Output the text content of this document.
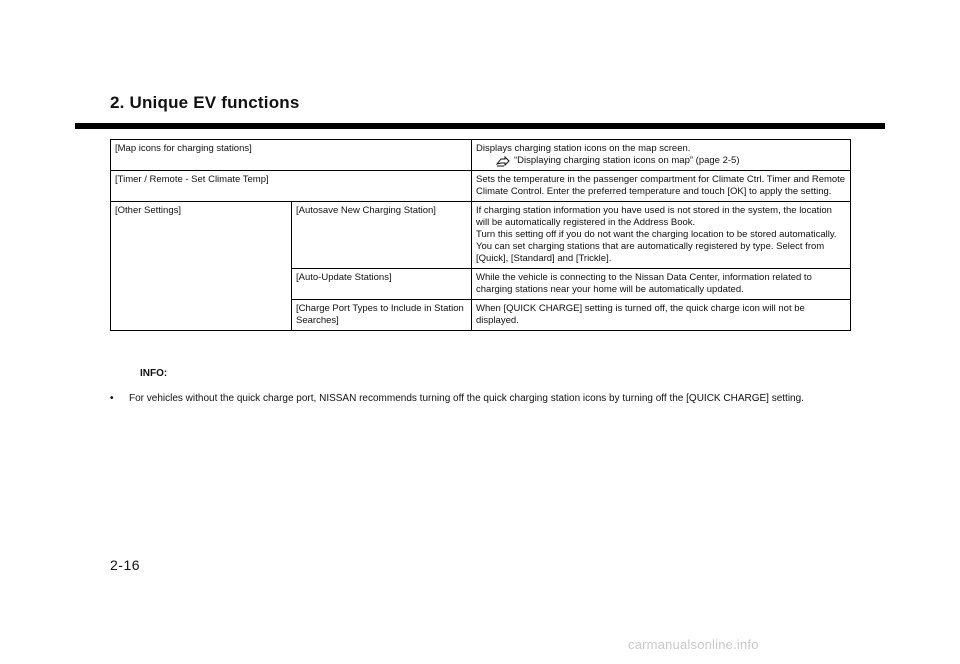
2. Unique EV functions
[Map icons for charging stations]		Displays charging station icons on the map screen.
“Displaying charging station icons on map” (page 2-5)

[Timer / Remote - Set Climate Temp]		Sets the temperature in the passenger compartment for Climate Ctrl. Timer and Remote Climate Control. Enter the preferred temperature and touch [OK] to apply the setting.
[Other Settings]	[Autosave New Charging Station]	If charging station information you have used is not stored in the system, the location will be automatically registered in the Address Book.
Turn this setting off if you do not want the charging location to be stored automatically.
You can set charging stations that are automatically registered by type. Select from [Quick], [Standard] and [Trickle].

	[Auto-Update Stations]	While the vehicle is connecting to the Nissan Data Center, information related to charging stations near your home will be automatically updated.
	[Charge Port Types to Include in Station Searches]	When [QUICK CHARGE] setting is turned off, the quick charge icon will not be displayed.

INFO:

• For vehicles without the quick charge port, NISSAN recommends turning off the quick charging station icons by turning off the [QUICK CHARGE] setting.

2-16

carmanualsonline.info
